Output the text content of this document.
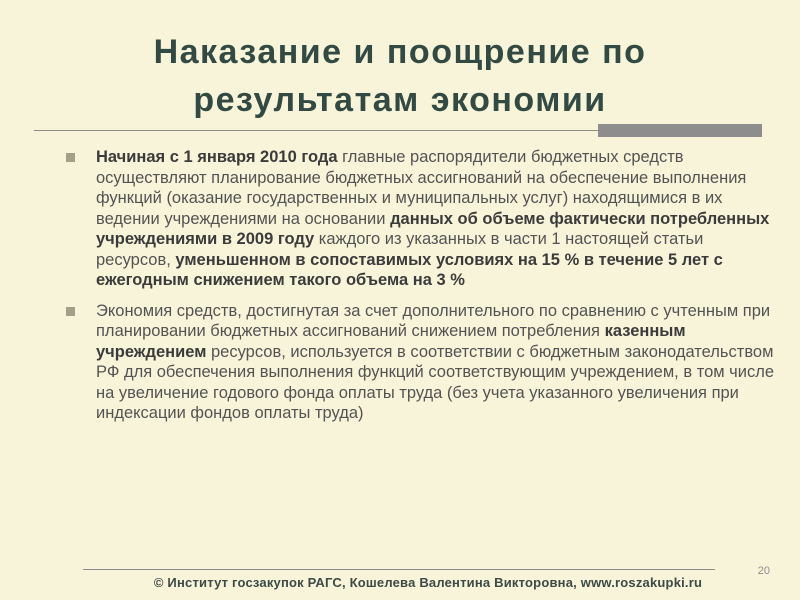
Наказание и поощрение по
результатам экономии
Начиная с 1 января 2010 года главные распорядители бюджетных средств осуществляют планирование бюджетных ассигнований на обеспечение выполнения функций (оказание государственных и муниципальных услуг) находящимися в их ведении учреждениями на основании данных об объеме фактически потребленных учреждениями в 2009 году каждого из указанных в части 1 настоящей статьи ресурсов, уменьшенном в сопоставимых условиях на 15 % в течение 5 лет с ежегодным снижением такого объема на 3 %
Экономия средств, достигнутая за счет дополнительного по сравнению с учтенным при планировании бюджетных ассигнований снижением потребления казенным учреждением ресурсов, используется в соответствии с бюджетным законодательством РФ для обеспечения выполнения функций соответствующим учреждением, в том числе на увеличение годового фонда оплаты труда (без учета указанного увеличения при индексации фондов оплаты труда)
20
© Институт госзакупок РАГС, Кошелева Валентина Викторовна, www.roszakupki.ru
